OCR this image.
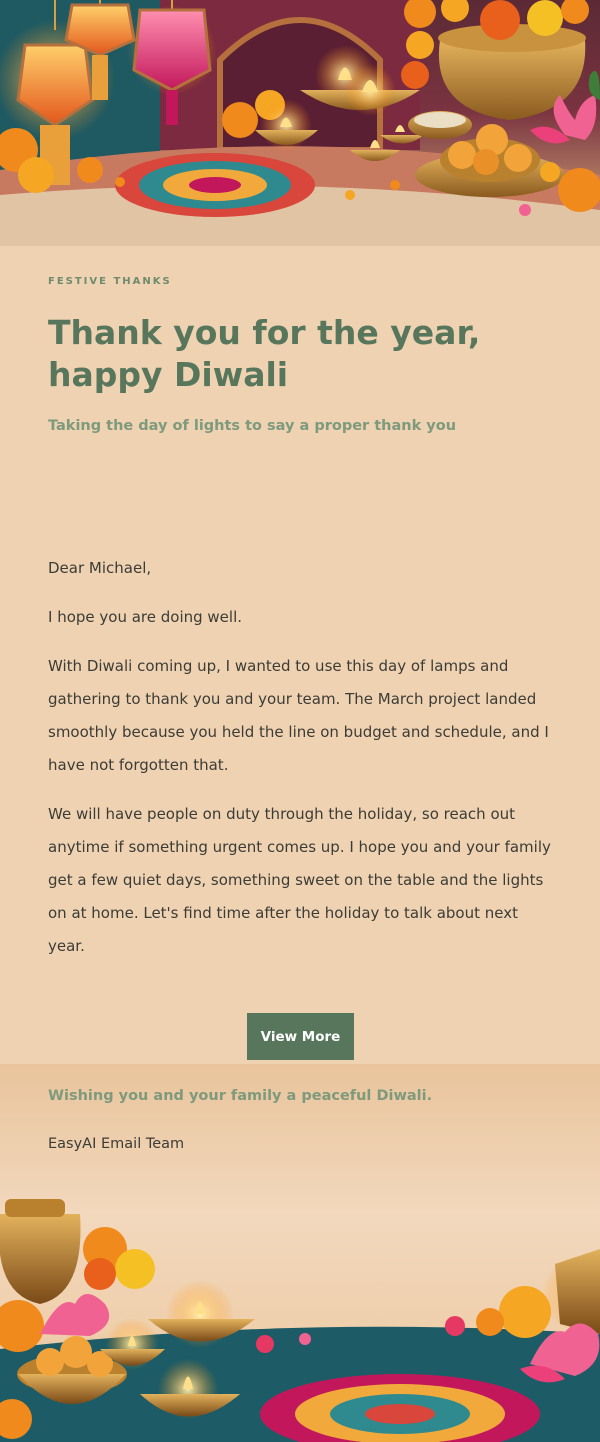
FESTIVE THANKS
Thank you for the year,
happy Diwali
Taking the day of lights to say a proper thank you

Dear Michael,

I hope you are doing well.

With Diwali coming up, I wanted to use this day of lamps and gathering to thank you and your team. The March project landed smoothly because you held the line on budget and schedule, and I have not forgotten that.

We will have people on duty through the holiday, so reach out anytime if something urgent comes up. I hope you and your family get a few quiet days, something sweet on the table and the lights on at home. Let's find time after the holiday to talk about next year.

View More
Wishing you and your family a peaceful Diwali.
EasyAI Email Team
